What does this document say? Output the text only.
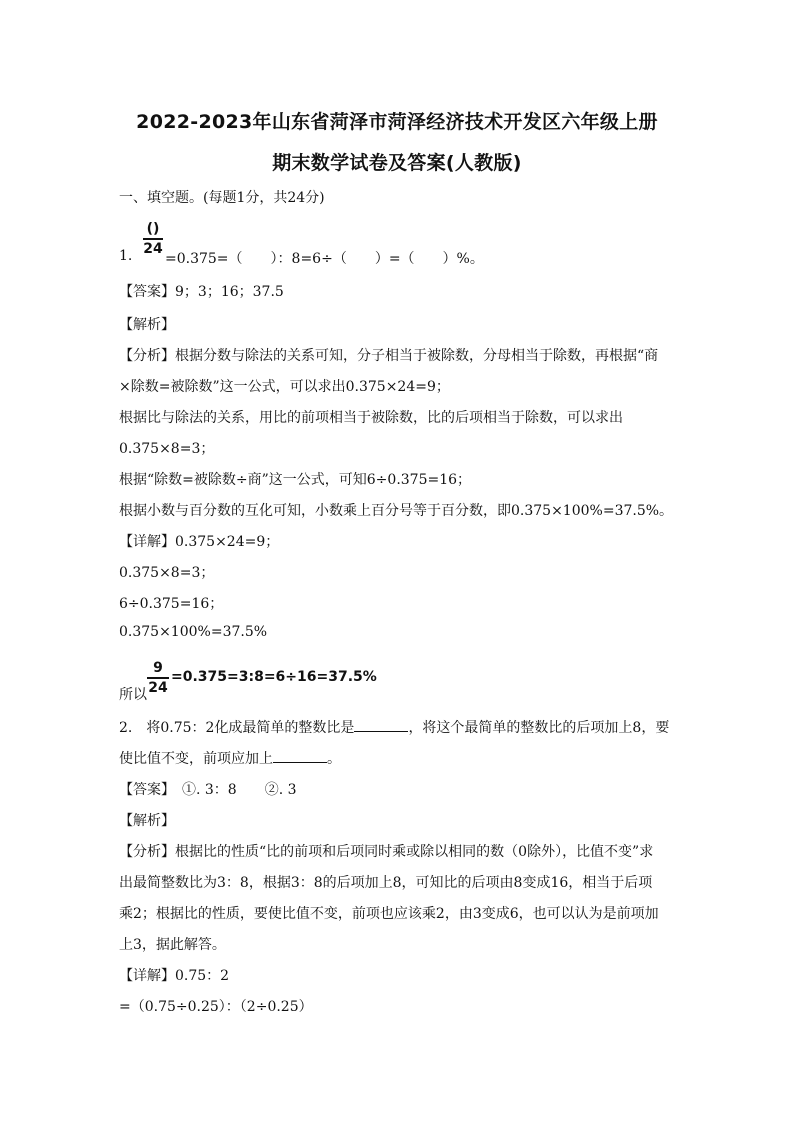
2022-2023年山东省菏泽市菏泽经济技术开发区六年级上册
期末数学试卷及答案(人教版)
一、填空题。(每题1分，共24分)
()
24
1. =0.375=（　　）：8=6÷（　　）=（　　）%。
【答案】9；3；16；37.5
【解析】
【分析】根据分数与除法的关系可知，分子相当于被除数，分母相当于除数，再根据“商
×除数=被除数”这一公式，可以求出0.375×24=9；
根据比与除法的关系，用比的前项相当于被除数，比的后项相当于除数，可以求出
0.375×8=3；
根据“除数=被除数÷商”这一公式，可知6÷0.375=16；
根据小数与百分数的互化可知，小数乘上百分号等于百分数，即0.375×100%=37.5%。
【详解】0.375×24=9；
0.375×8=3；
6÷0.375=16；
0.375×100%=37.5%
9
24
=0.375=3:8=6÷16=37.5%
所以
2.　将0.75：2化成最简单的整数比是	，将这个最简单的整数比的后项加上8，要
使比值不变，前项应加上	。
【答案】　①. 3：8　　②. 3
【解析】
【分析】根据比的性质“比的前项和后项同时乘或除以相同的数（0除外），比值不变”求
出最简整数比为3：8，根据3：8的后项加上8，可知比的后项由8变成16，相当于后项
乘2；根据比的性质，要使比值不变，前项也应该乘2，由3变成6，也可以认为是前项加
上3，据此解答。
【详解】0.75：2
=（0.75÷0.25）：（2÷0.25）
